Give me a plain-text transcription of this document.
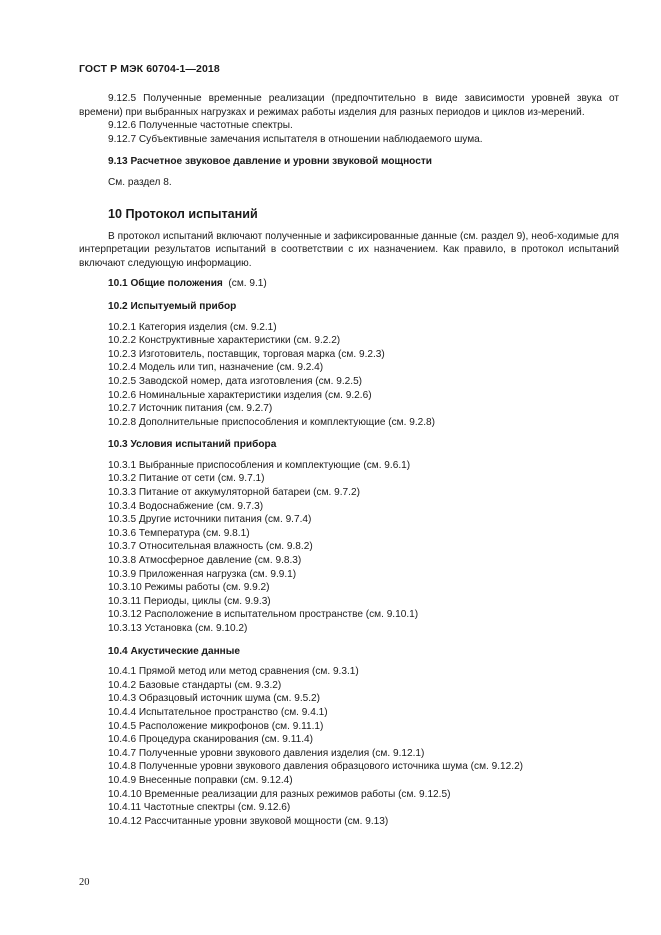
ГОСТ Р МЭК 60704-1—2018

9.12.5 Полученные временные реализации (предпочтительно в виде зависимости уровней звука от времени) при выбранных нагрузках и режимах работы изделия для разных периодов и циклов из-мерений.

9.12.6 Полученные частотные спектры.

9.12.7 Субъективные замечания испытателя в отношении наблюдаемого шума.

9.13 Расчетное звуковое давление и уровни звуковой мощности

См. раздел 8.

10 Протокол испытаний

В протокол испытаний включают полученные и зафиксированные данные (см. раздел 9), необ-ходимые для интерпретации результатов испытаний в соответствии с их назначением. Как правило, в протокол испытаний включают следующую информацию.

10.1 Общие положения  (см. 9.1)

10.2 Испытуемый прибор

10.2.1 Категория изделия (см. 9.2.1)

10.2.2 Конструктивные характеристики (см. 9.2.2)

10.2.3 Изготовитель, поставщик, торговая марка (см. 9.2.3)

10.2.4 Модель или тип, назначение (см. 9.2.4)

10.2.5 Заводской номер, дата изготовления (см. 9.2.5)

10.2.6 Номинальные характеристики изделия (см. 9.2.6)

10.2.7 Источник питания (см. 9.2.7)

10.2.8 Дополнительные приспособления и комплектующие (см. 9.2.8)

10.3 Условия испытаний прибора

10.3.1 Выбранные приспособления и комплектующие (см. 9.6.1)

10.3.2 Питание от сети (см. 9.7.1)

10.3.3 Питание от аккумуляторной батареи (см. 9.7.2)

10.3.4 Водоснабжение (см. 9.7.3)

10.3.5 Другие источники питания (см. 9.7.4)

10.3.6 Температура (см. 9.8.1)

10.3.7 Относительная влажность (см. 9.8.2)

10.3.8 Атмосферное давление (см. 9.8.3)

10.3.9 Приложенная нагрузка (см. 9.9.1)

10.3.10 Режимы работы (см. 9.9.2)

10.3.11 Периоды, циклы (см. 9.9.3)

10.3.12 Расположение в испытательном пространстве (см. 9.10.1)

10.3.13 Установка (см. 9.10.2)

10.4 Акустические данные

10.4.1 Прямой метод или метод сравнения (см. 9.3.1)

10.4.2 Базовые стандарты (см. 9.3.2)

10.4.3 Образцовый источник шума (см. 9.5.2)

10.4.4 Испытательное пространство (см. 9.4.1)

10.4.5 Расположение микрофонов (см. 9.11.1)

10.4.6 Процедура сканирования (см. 9.11.4)

10.4.7 Полученные уровни звукового давления изделия (см. 9.12.1)

10.4.8 Полученные уровни звукового давления образцового источника шума (см. 9.12.2)

10.4.9 Внесенные поправки (см. 9.12.4)

10.4.10 Временные реализации для разных режимов работы (см. 9.12.5)

10.4.11 Частотные спектры (см. 9.12.6)

10.4.12 Рассчитанные уровни звуковой мощности (см. 9.13)

20
